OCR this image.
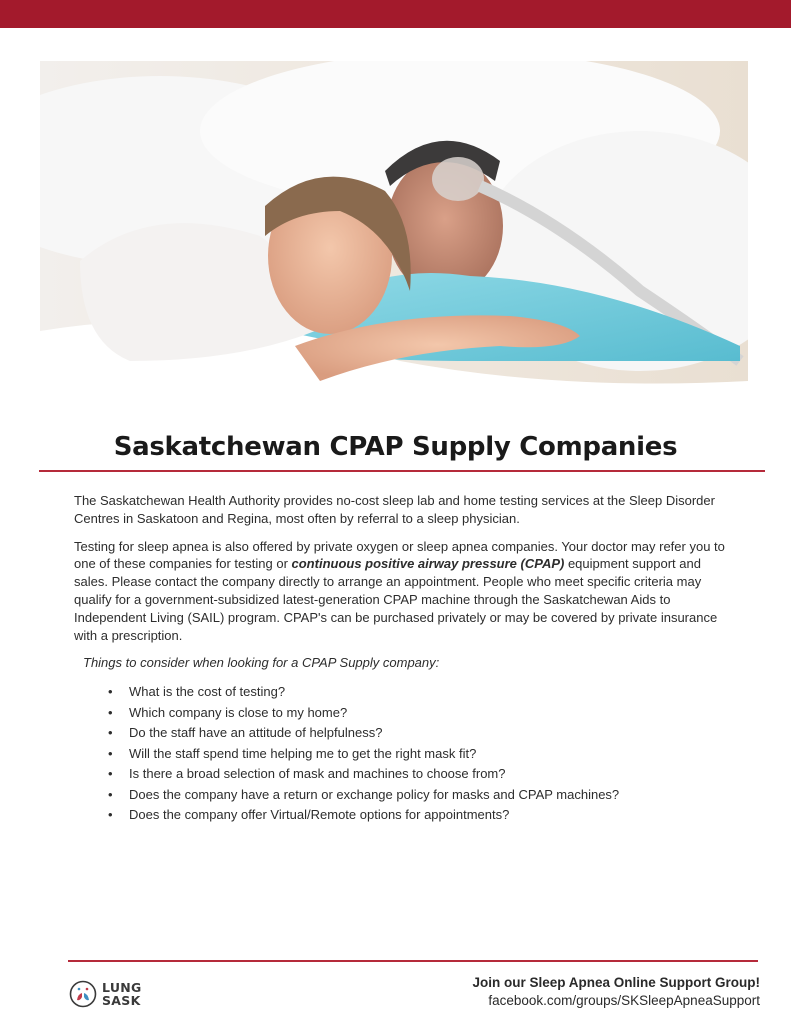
Saskatchewan CPAP Supply Companies

The Saskatchewan Health Authority provides no-cost sleep lab and home testing services at the Sleep Disorder Centres in Saskatoon and Regina, most often by referral to a sleep physician.

Testing for sleep apnea is also offered by private oxygen or sleep apnea companies. Your doctor may refer you to one of these companies for testing or continuous positive airway pressure (CPAP) equipment support and sales. Please contact the company directly to arrange an appointment. People who meet specific criteria may qualify for a government-subsidized latest-generation CPAP machine through the Saskatchewan Aids to Independent Living (SAIL) program. CPAP's can be purchased privately or may be covered by private insurance with a prescription.

Things to consider when looking for a CPAP Supply company:

• What is the cost of testing?
• Which company is close to my home?
• Do the staff have an attitude of helpfulness?
• Will the staff spend time helping me to get the right mask fit?
• Is there a broad selection of mask and machines to choose from?
• Does the company have a return or exchange policy for masks and CPAP machines?
• Does the company offer Virtual/Remote options for appointments?
LUNG
SASK
Join our Sleep Apnea Online Support Group!
facebook.com/groups/SKSleepApneaSupport
